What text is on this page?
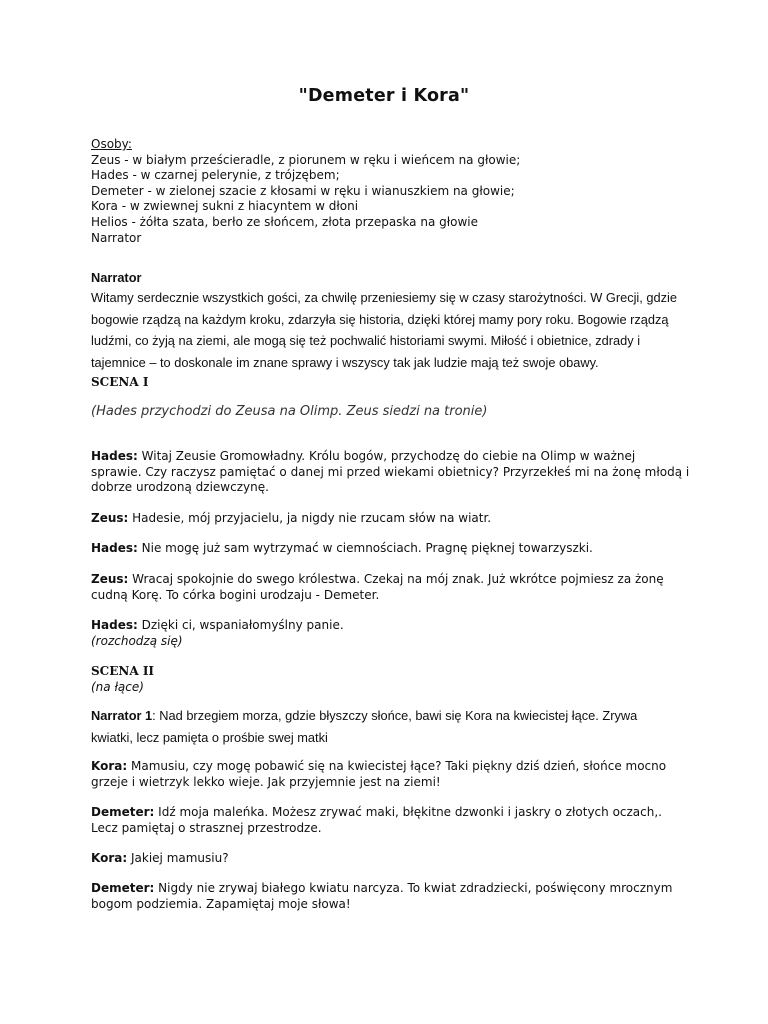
"Demeter i Kora"
Osoby:
Zeus - w białym prześcieradle, z piorunem w ręku i wieńcem na głowie;
Hades - w czarnej pelerynie, z trójzębem;
Demeter - w zielonej szacie z kłosami w ręku i wianuszkiem na głowie;
Kora - w zwiewnej sukni z hiacyntem w dłoni
Helios - żółta szata, berło ze słońcem, złota przepaska na głowie
Narrator
Narrator
Witamy serdecznie wszystkich gości, za chwilę przeniesiemy się w czasy starożytności. W Grecji, gdzie
bogowie rządzą na każdym kroku, zdarzyła się historia, dzięki której mamy pory roku. Bogowie rządzą
ludźmi, co żyją na ziemi, ale mogą się też pochwalić historiami swymi. Miłość i obietnice, zdrady i
tajemnice – to doskonale im znane sprawy i wszyscy tak jak ludzie mają też swoje obawy.
SCENA I
(Hades przychodzi do Zeusa na Olimp. Zeus siedzi na tronie)
Hades: Witaj Zeusie Gromowładny. Królu bogów, przychodzę do ciebie na Olimp w ważnej
sprawie. Czy raczysz pamiętać o danej mi przed wiekami obietnicy? Przyrzekłeś mi na żonę młodą i
dobrze urodzoną dziewczynę.
Zeus: Hadesie, mój przyjacielu, ja nigdy nie rzucam słów na wiatr.
Hades: Nie mogę już sam wytrzymać w ciemnościach. Pragnę pięknej towarzyszki.
Zeus: Wracaj spokojnie do swego królestwa. Czekaj na mój znak. Już wkrótce pojmiesz za żonę
cudną Korę. To córka bogini urodzaju - Demeter.
Hades: Dzięki ci, wspaniałomyślny panie.
(rozchodzą się)
SCENA II
(na łące)
Narrator 1: Nad brzegiem morza, gdzie błyszczy słońce, bawi się Kora na kwiecistej łące. Zrywa
kwiatki, lecz pamięta o prośbie swej matki
Kora: Mamusiu, czy mogę pobawić się na kwiecistej łące? Taki piękny dziś dzień, słońce mocno
grzeje i wietrzyk lekko wieje. Jak przyjemnie jest na ziemi!
Demeter: Idź moja maleńka. Możesz zrywać maki, błękitne dzwonki i jaskry o złotych oczach,.
Lecz pamiętaj o strasznej przestrodze.
Kora: Jakiej mamusiu?
Demeter: Nigdy nie zrywaj białego kwiatu narcyza. To kwiat zdradziecki, poświęcony mrocznym
bogom podziemia. Zapamiętaj moje słowa!
